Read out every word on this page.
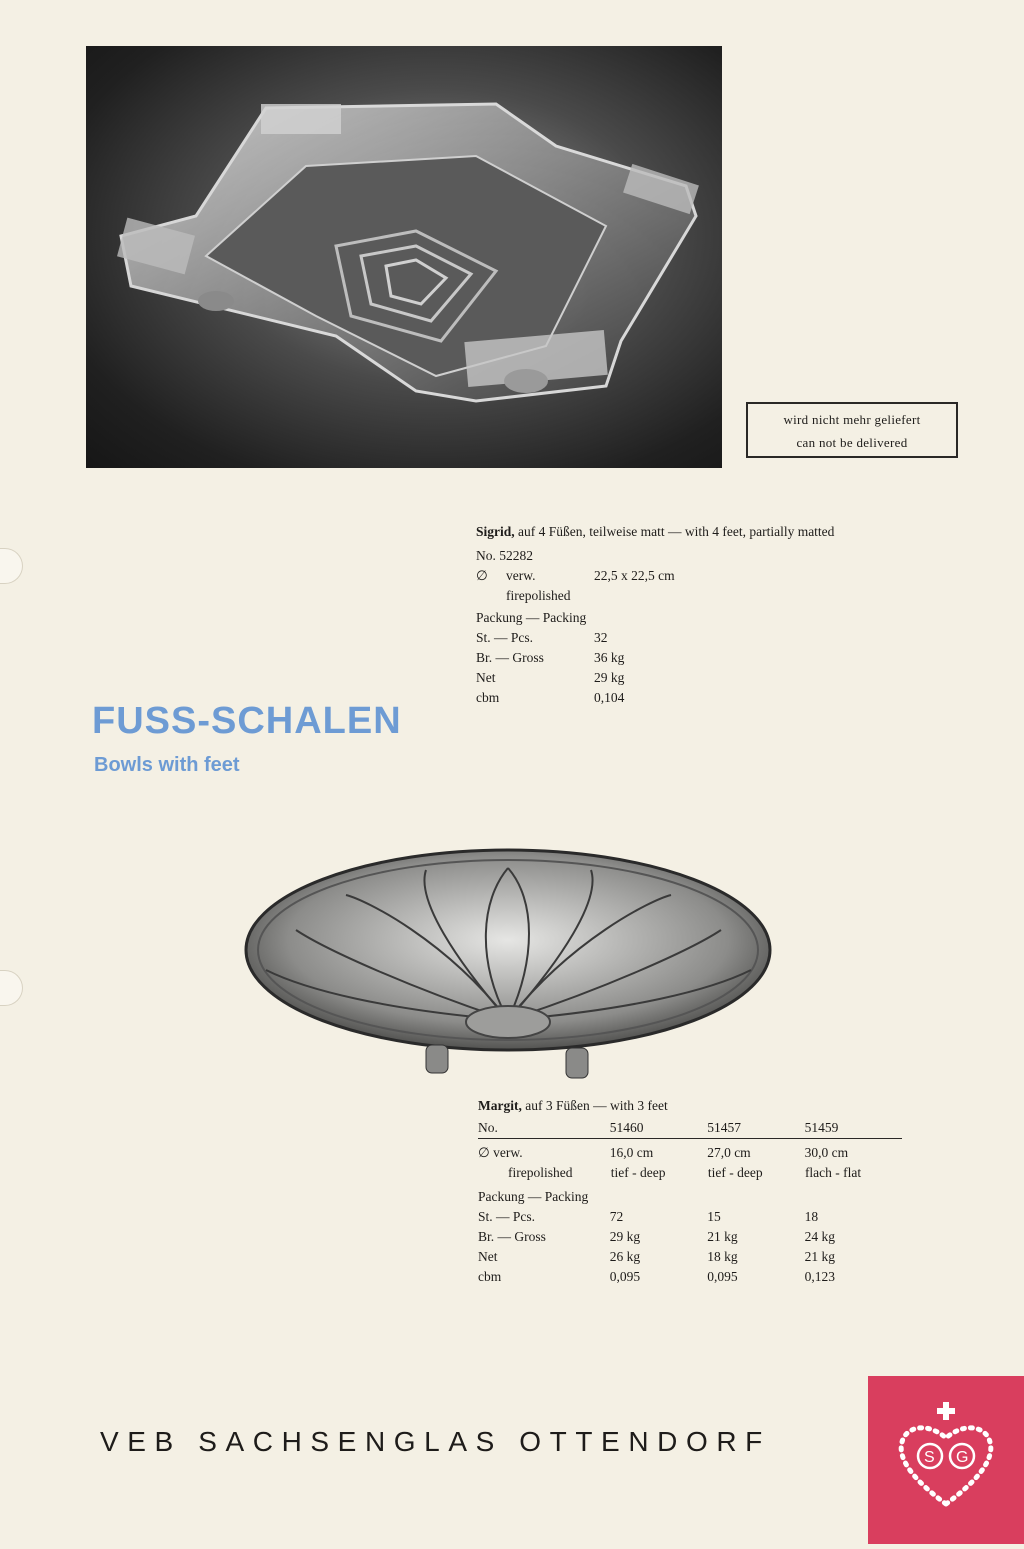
wird nicht mehr geliefert
can not be delivered
Sigrid, auf 4 Füßen, teilweise matt — with 4 feet, partially matted
No. 52282
∅ verw.	22,5 x 22,5 cm
firepolished
Packung — Packing
St. — Pcs.	32
Br. — Gross	36 kg
Net	29 kg
cbm	0,104
FUSS-SCHALEN
Bowls with feet
Margit, auf 3 Füßen — with 3 feet
No.	51460	51457	51459
∅ verw.	16,0 cm	27,0 cm	30,0 cm
firepolished	tief - deep	tief - deep	flach - flat
Packung — Packing
St. — Pcs.	72	15	18
Br. — Gross	29 kg	21 kg	24 kg
Net	26 kg	18 kg	21 kg
cbm	0,095	0,095	0,123
VEB SACHSENGLAS OTTENDORF
S G
